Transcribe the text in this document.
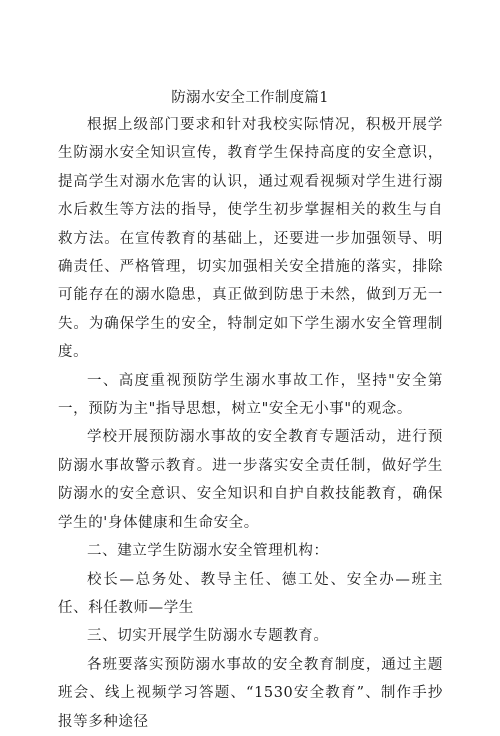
防溺水安全工作制度篇1

根据上级部门要求和针对我校实际情况，积极开展学生防溺水安全知识宣传，教育学生保持高度的安全意识，提高学生对溺水危害的认识，通过观看视频对学生进行溺水后救生等方法的指导，使学生初步掌握相关的救生与自救方法。在宣传教育的基础上，还要进一步加强领导、明确责任、严格管理，切实加强相关安全措施的落实，排除可能存在的溺水隐患，真正做到防患于未然，做到万无一失。为确保学生的安全，特制定如下学生溺水安全管理制度。

一、高度重视预防学生溺水事故工作，坚持"安全第一，预防为主"指导思想，树立"安全无小事"的观念。

学校开展预防溺水事故的安全教育专题活动，进行预防溺水事故警示教育。进一步落实安全责任制，做好学生防溺水的安全意识、安全知识和自护自救技能教育，确保学生的'身体健康和生命安全。

二、建立学生防溺水安全管理机构：

校长—总务处、教导主任、德工处、安全办—班主任、科任教师—学生

三、切实开展学生防溺水专题教育。

各班要落实预防溺水事故的安全教育制度，通过主题班会、线上视频学习答题、“1530安全教育”、制作手抄报等多种途径
